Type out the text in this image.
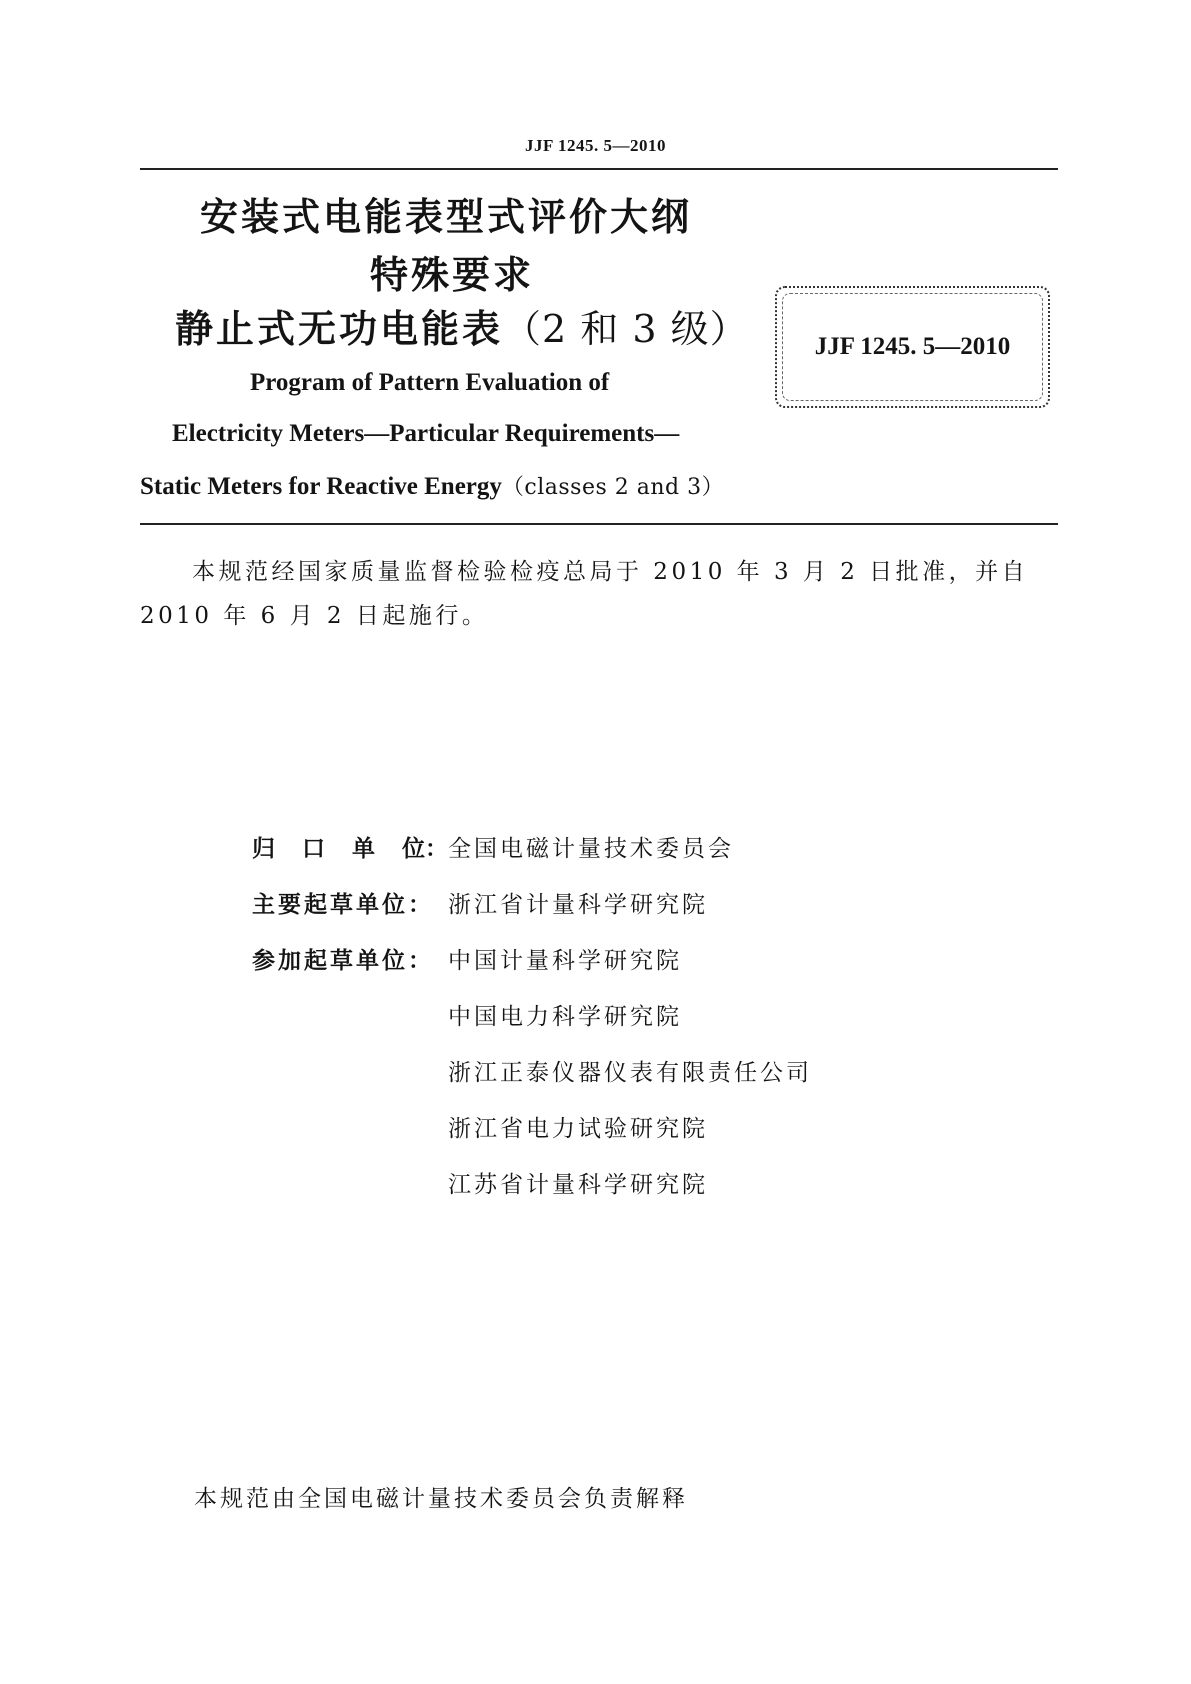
JJF 1245. 5—2010
安装式电能表型式评价大纲
特殊要求
静止式无功电能表（2 和 3 级）	JJF 1245. 5—2010
Program of Pattern Evaluation of
Electricity Meters—Particular Requirements—
Static Meters for Reactive Energy（classes 2 and 3）
本规范经国家质量监督检验检疫总局于 2010 年 3 月 2 日批准，并自 2010 年 6 月 2 日起施行。
归 口 单 位： 全国电磁计量技术委员会
主要起草单位： 浙江省计量科学研究院
参加起草单位： 中国计量科学研究院
中国电力科学研究院
浙江正泰仪器仪表有限责任公司
浙江省电力试验研究院
江苏省计量科学研究院
本规范由全国电磁计量技术委员会负责解释
